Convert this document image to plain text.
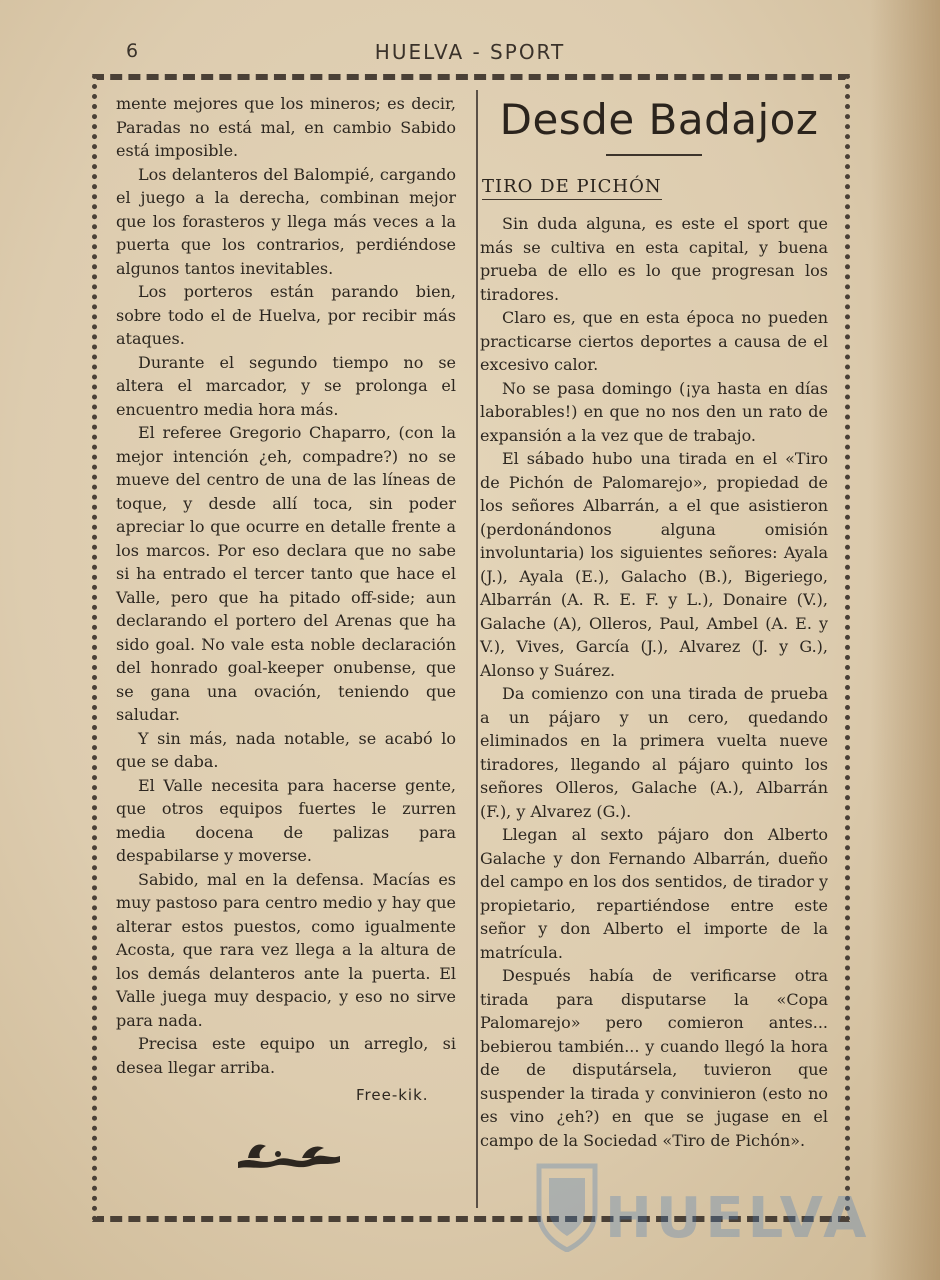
6	HUELVA - SPORT

mente mejores que los mineros; es decir, Paradas no está mal, en cambio Sabido está imposible.

Los delanteros del Balompié, cargando el juego a la derecha, combinan mejor que los forasteros y llega más veces a la puerta que los contrarios, perdiéndose algunos tantos inevitables.

Los porteros están parando bien, sobre todo el de Huelva, por recibir más ataques.

Durante el segundo tiempo no se altera el marcador, y se prolonga el encuentro media hora más.

El referee Gregorio Chaparro, (con la mejor intención ¿eh, compadre?) no se mueve del centro de una de las líneas de toque, y desde allí toca, sin poder apreciar lo que ocurre en detalle frente a los marcos. Por eso declara que no sabe si ha entrado el tercer tanto que hace el Valle, pero que ha pitado off-side; aun declarando el portero del Arenas que ha sido goal. No vale esta noble declaración del honrado goal-keeper onubense, que se gana una ovación, teniendo que saludar.

Y sin más, nada notable, se acabó lo que se daba.

El Valle necesita para hacerse gente, que otros equipos fuertes le zurren media docena de palizas para despabilarse y moverse.

Sabido, mal en la defensa. Macías es muy pastoso para centro medio y hay que alterar estos puestos, como igualmente Acosta, que rara vez llega a la altura de los demás delanteros ante la puerta. El Valle juega muy despacio, y eso no sirve para nada.

Precisa este equipo un arreglo, si desea llegar arriba.

Free-kik.
Desde Badajoz
TIRO DE PICHÓN

Sin duda alguna, es este el sport que más se cultiva en esta capital, y buena prueba de ello es lo que progresan los tiradores.

Claro es, que en esta época no pueden practicarse ciertos deportes a causa de el excesivo calor.

No se pasa domingo (¡ya hasta en días laborables!) en que no nos den un rato de expansión a la vez que de trabajo.

El sábado hubo una tirada en el «Tiro de Pichón de Palomarejo», propiedad de los señores Albarrán, a el que asistieron (perdonándonos alguna omisión involuntaria) los siguientes señores: Ayala (J.), Ayala (E.), Galacho (B.), Bigeriego, Albarrán (A. R. E. F. y L.), Donaire (V.), Galache (A), Olleros, Paul, Ambel (A. E. y V.), Vives, García (J.), Alvarez (J. y G.), Alonso y Suárez.

Da comienzo con una tirada de prueba a un pájaro y un cero, quedando eliminados en la primera vuelta nueve tiradores, llegando al pájaro quinto los señores Olleros, Galache (A.), Albarrán (F.), y Alvarez (G.).

Llegan al sexto pájaro don Alberto Galache y don Fernando Albarrán, dueño del campo en los dos sentidos, de tirador y propietario, repartiéndose entre este señor y don Alberto el importe de la matrícula.

Después había de verificarse otra tirada para disputarse la «Copa Palomarejo» pero comieron antes... bebierou también... y cuando llegó la hora de de disputársela, tuvieron que suspender la tirada y convinieron (esto no es vino ¿eh?) en que se jugase en el campo de la Sociedad «Tiro de Pichón».

HUELVA
